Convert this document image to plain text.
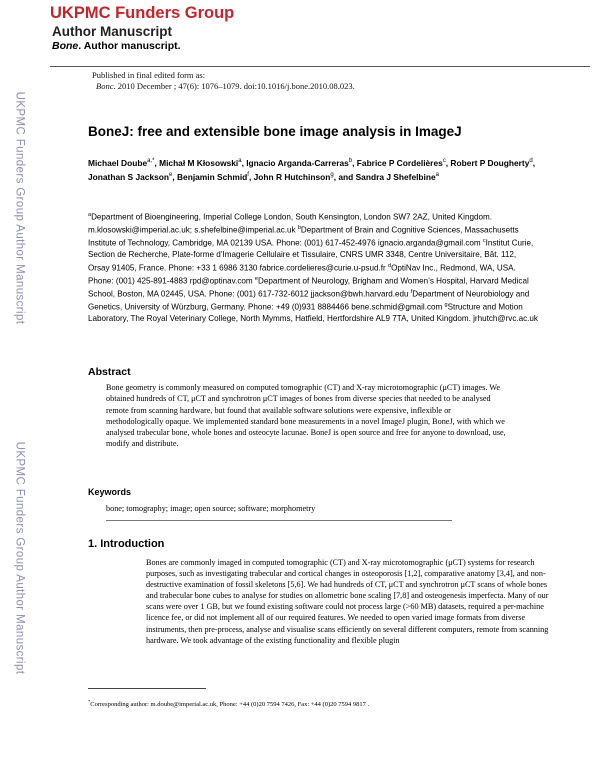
UKPMC Funders Group
Author Manuscript
Bone. Author manuscript.
Published in final edited form as:
Bonc. 2010 December ; 47(6): 1076–1079. doi:10.1016/j.bone.2010.08.023.
UKPMC Funders Group Author Manuscript
UKPMC Funders Group Author Manuscript
BoneJ: free and extensible bone image analysis in ImageJ
Michael Doube$^{a,*}$, Michał M Kłosowski$^a$, Ignacio Arganda-Carreras$^b$, Fabrice P Cordelières$^c$, Robert P Dougherty$^d$, Jonathan S Jackson$^e$, Benjamin Schmid$^f$, John R Hutchinson$^g$, and Sandra J Shefelbine$^a$
$^a$Department of Bioengineering, Imperial College London, South Kensington, London SW7 2AZ, United Kingdom. m.klosowski@imperial.ac.uk; s.shefelbine@imperial.ac.uk $^b$Department of Brain and Cognitive Sciences, Massachusetts Institute of Technology, Cambridge, MA 02139 USA. Phone: (001) 617-452-4976 ignacio.arganda@gmail.com $^c$Institut Curie, Section de Recherche, Plate-forme d’Imagerie Cellulaire et Tissulaire, CNRS UMR 3348, Centre Universitaire, Bât. 112, Orsay 91405, France. Phone: +33 1 6986 3130 fabrice.cordelieres@curie.u-psud.fr $^d$OptiNav Inc., Redmond, WA, USA. Phone: (001) 425-891-4883 rpd@optinav.com $^e$Department of Neurology, Brigham and Women’s Hospital, Harvard Medical School, Boston, MA 02445, USA. Phone: (001) 617-732-6012 jjackson@bwh.harvard.edu $^f$Department of Neurobiology and Genetics, University of Würzburg, Germany. Phone: +49 (0)931 8884466 bene.schmid@gmail.com $^g$Structure and Motion Laboratory, The Royal Veterinary College, North Mymms, Hatfield, Hertfordshire AL9 7TA, United Kingdom. jrhutch@rvc.ac.uk
Abstract
Bone geometry is commonly measured on computed tomographic (CT) and X-ray microtomographic (μCT) images. We obtained hundreds of CT, μCT and synchrotron μCT images of bones from diverse species that needed to be analysed remote from scanning hardware, but found that available software solutions were expensive, inflexible or methodologically opaque. We implemented standard bone measurements in a novel ImageJ plugin, BoneJ, with which we analysed trabecular bone, whole bones and osteocyte lacunae. BoneJ is open source and free for anyone to download, use, modify and distribute.
Keywords
bone; tomography; image; open source; software; morphometry
1. Introduction
Bones are commonly imaged in computed tomographic (CT) and X-ray microtomographic (μCT) systems for research purposes, such as investigating trabecular and cortical changes in osteoporosis [1,2], comparative anatomy [3,4], and non-destructive examination of fossil skeletons [5,6]. We had hundreds of CT, μCT and synchrotron μCT scans of whole bones and trabecular bone cubes to analyse for studies on allometric bone scaling [7,8] and osteogenesis imperfecta. Many of our scans were over 1 GB, but we found existing software could not process large (>60 MB) datasets, required a per-machine licence fee, or did not implement all of our required features. We needed to open varied image formats from diverse instruments, then pre-process, analyse and visualise scans efficiently on several different computers, remote from scanning hardware. We took advantage of the existing functionality and flexible plugin
*Corresponding author: m.doube@imperial.ac.uk, Phone: +44 (0)20 7594 7426, Fax: +44 (0)20 7594 9817 .
